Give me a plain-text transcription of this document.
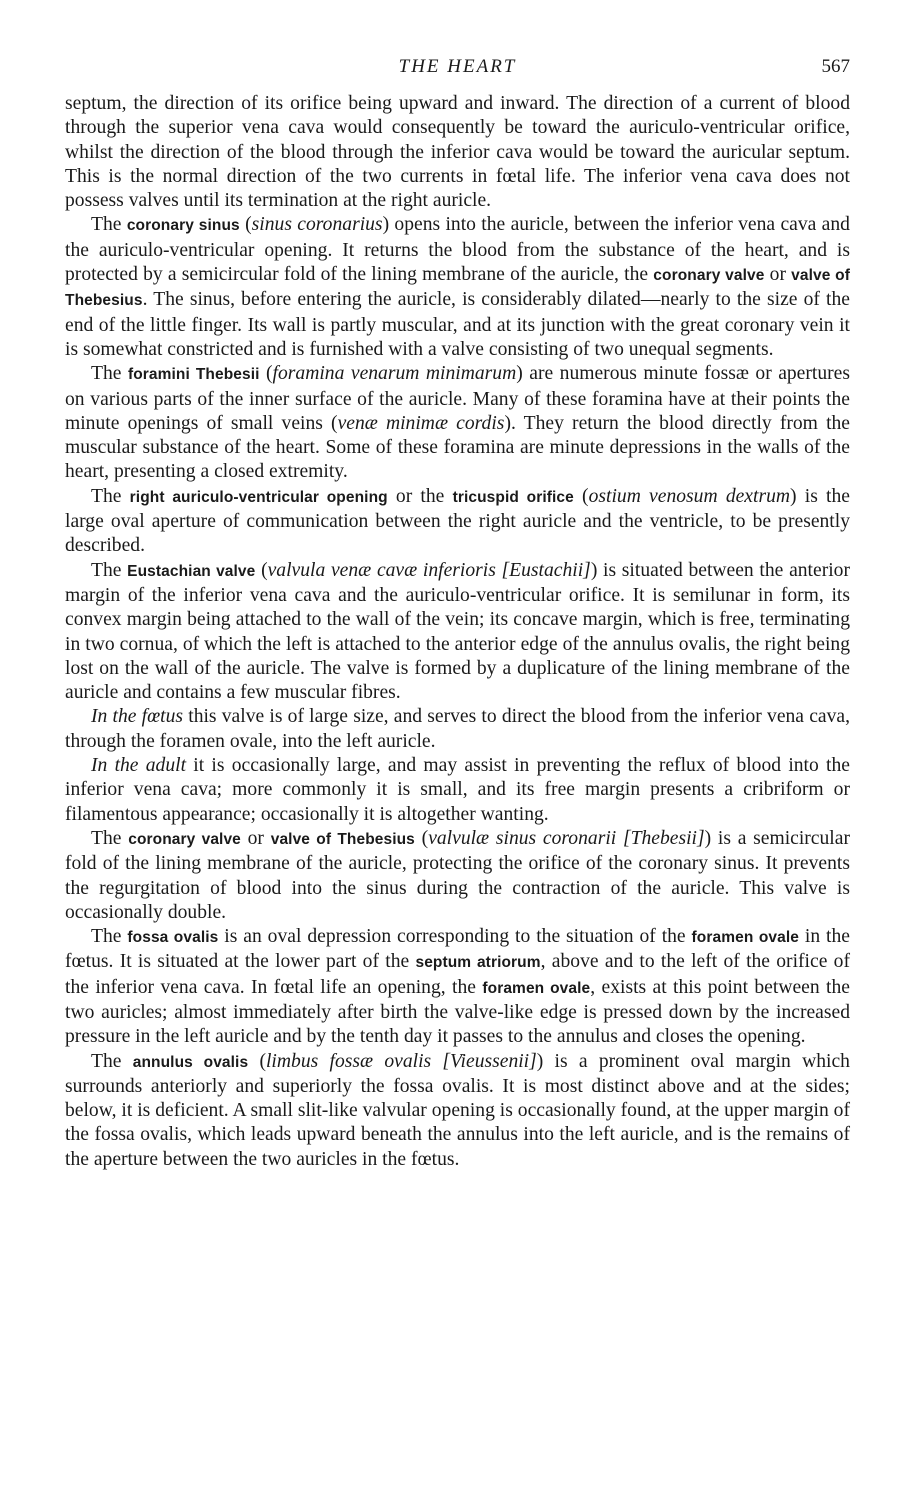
THE HEART	567

septum, the direction of its orifice being upward and inward. The direction of a current of blood through the superior vena cava would consequently be toward the auriculo-ventricular orifice, whilst the direction of the blood through the inferior cava would be toward the auricular septum. This is the normal direction of the two currents in fœtal life. The inferior vena cava does not possess valves until its termination at the right auricle.

The coronary sinus (sinus coronarius) opens into the auricle, between the inferior vena cava and the auriculo-ventricular opening. It returns the blood from the substance of the heart, and is protected by a semicircular fold of the lining membrane of the auricle, the coronary valve or valve of Thebesius. The sinus, before entering the auricle, is considerably dilated—nearly to the size of the end of the little finger. Its wall is partly muscular, and at its junction with the great coronary vein it is somewhat constricted and is furnished with a valve consisting of two unequal segments.

The foramini Thebesii (foramina venarum minimarum) are numerous minute fossæ or apertures on various parts of the inner surface of the auricle. Many of these foramina have at their points the minute openings of small veins (venæ minimæ cordis). They return the blood directly from the muscular substance of the heart. Some of these foramina are minute depressions in the walls of the heart, presenting a closed extremity.

The right auriculo-ventricular opening or the tricuspid orifice (ostium venosum dextrum) is the large oval aperture of communication between the right auricle and the ventricle, to be presently described.

The Eustachian valve (valvula venæ cavæ inferioris [Eustachii]) is situated between the anterior margin of the inferior vena cava and the auriculo-ventricular orifice. It is semilunar in form, its convex margin being attached to the wall of the vein; its concave margin, which is free, terminating in two cornua, of which the left is attached to the anterior edge of the annulus ovalis, the right being lost on the wall of the auricle. The valve is formed by a duplicature of the lining membrane of the auricle and contains a few muscular fibres.

In the fœtus this valve is of large size, and serves to direct the blood from the inferior vena cava, through the foramen ovale, into the left auricle.

In the adult it is occasionally large, and may assist in preventing the reflux of blood into the inferior vena cava; more commonly it is small, and its free margin presents a cribriform or filamentous appearance; occasionally it is altogether wanting.

The coronary valve or valve of Thebesius (valvulæ sinus coronarii [Thebesii]) is a semicircular fold of the lining membrane of the auricle, protecting the orifice of the coronary sinus. It prevents the regurgitation of blood into the sinus during the contraction of the auricle. This valve is occasionally double.

The fossa ovalis is an oval depression corresponding to the situation of the foramen ovale in the fœtus. It is situated at the lower part of the septum atriorum, above and to the left of the orifice of the inferior vena cava. In fœtal life an opening, the foramen ovale, exists at this point between the two auricles; almost immediately after birth the valve-like edge is pressed down by the increased pressure in the left auricle and by the tenth day it passes to the annulus and closes the opening.

The annulus ovalis (limbus fossæ ovalis [Vieussenii]) is a prominent oval margin which surrounds anteriorly and superiorly the fossa ovalis. It is most distinct above and at the sides; below, it is deficient. A small slit-like valvular opening is occasionally found, at the upper margin of the fossa ovalis, which leads upward beneath the annulus into the left auricle, and is the remains of the aperture between the two auricles in the fœtus.
